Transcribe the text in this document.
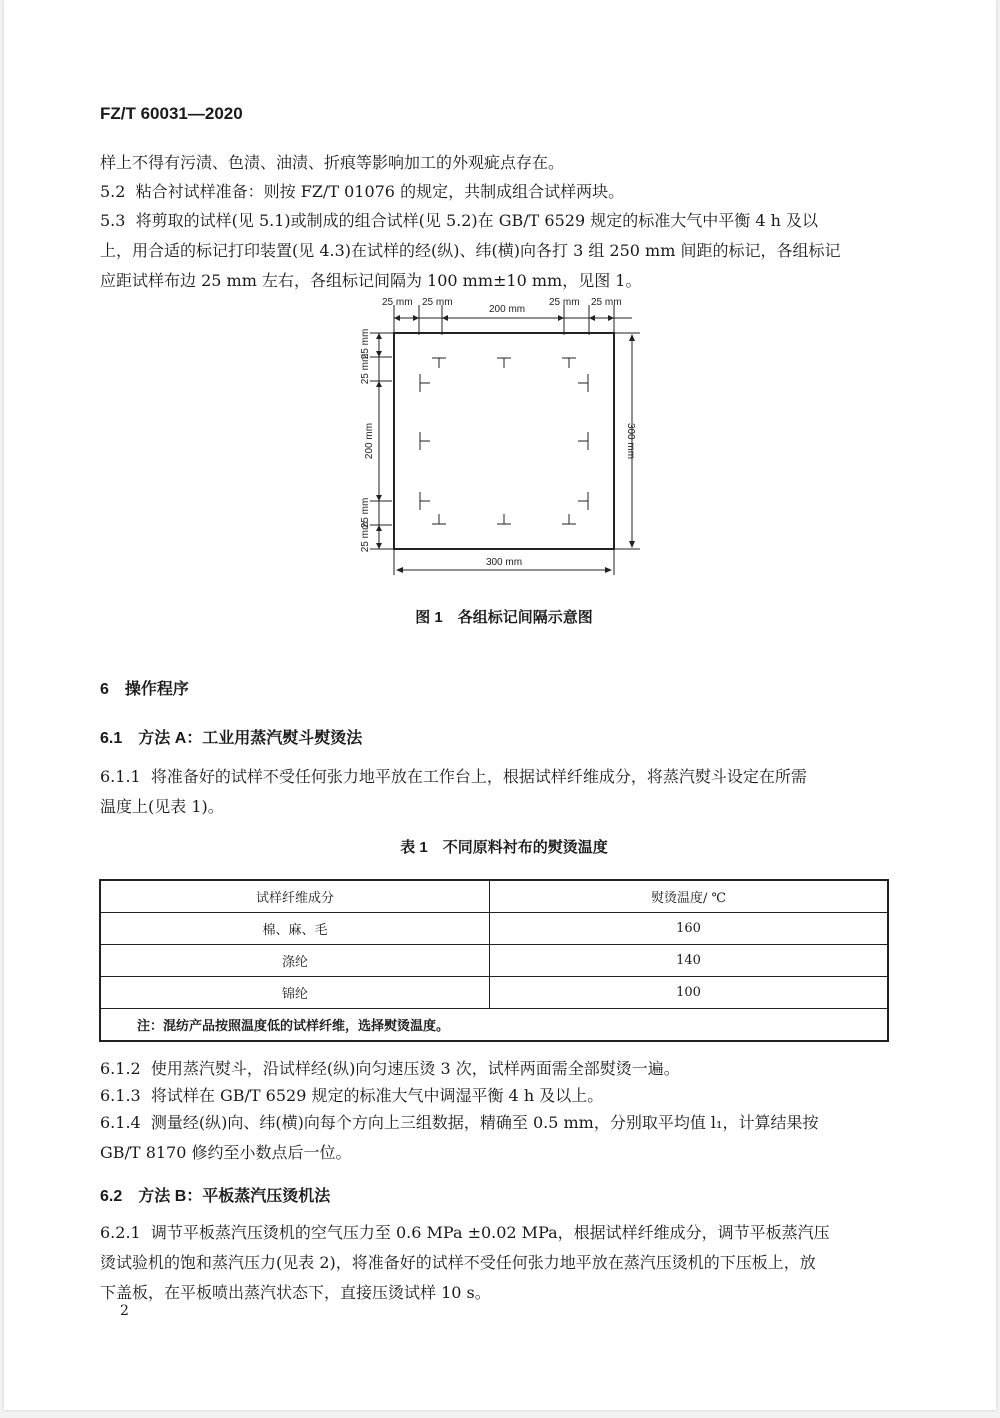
FZ/T 60031—2020
样上不得有污渍、色渍、油渍、折痕等影响加工的外观疵点存在。
5.2 粘合衬试样准备：则按 FZ/T 01076 的规定，共制成组合试样两块。
5.3 将剪取的试样(见 5.1)或制成的组合试样(见 5.2)在 GB/T 6529 规定的标准大气中平衡 4 h 及以
上，用合适的标记打印装置(见 4.3)在试样的经(纵)、纬(横)向各打 3 组 250 mm 间距的标记，各组标记
应距试样布边 25 mm 左右，各组标记间隔为 100 mm±10 mm，见图 1。
25 mm 25 mm
200 mm
25 mm 25 mm
25 mm
25 mm
200 mm
25 mm
25 mm
300 mm
300 mm
图 1　各组标记间隔示意图
6　操作程序
6.1　方法 A：工业用蒸汽熨斗熨烫法
6.1.1 将准备好的试样不受任何张力地平放在工作台上，根据试样纤维成分，将蒸汽熨斗设定在所需
温度上(见表 1)。
表 1　不同原料衬布的熨烫温度
试样纤维成分	熨烫温度/ ℃
棉、麻、毛	160
涤纶	140
锦纶	100
注：混纺产品按照温度低的试样纤维，选择熨烫温度。	
6.1.2 使用蒸汽熨斗，沿试样经(纵)向匀速压烫 3 次，试样两面需全部熨烫一遍。
6.1.3 将试样在 GB/T 6529 规定的标准大气中调湿平衡 4 h 及以上。
6.1.4 测量经(纵)向、纬(横)向每个方向上三组数据，精确至 0.5 mm，分别取平均值 l₁，计算结果按
GB/T 8170 修约至小数点后一位。
6.2　方法 B：平板蒸汽压烫机法
6.2.1 调节平板蒸汽压烫机的空气压力至 0.6 MPa ±0.02 MPa，根据试样纤维成分，调节平板蒸汽压
烫试验机的饱和蒸汽压力(见表 2)，将准备好的试样不受任何张力地平放在蒸汽压烫机的下压板上，放
下盖板，在平板喷出蒸汽状态下，直接压烫试样 10 s。
2
